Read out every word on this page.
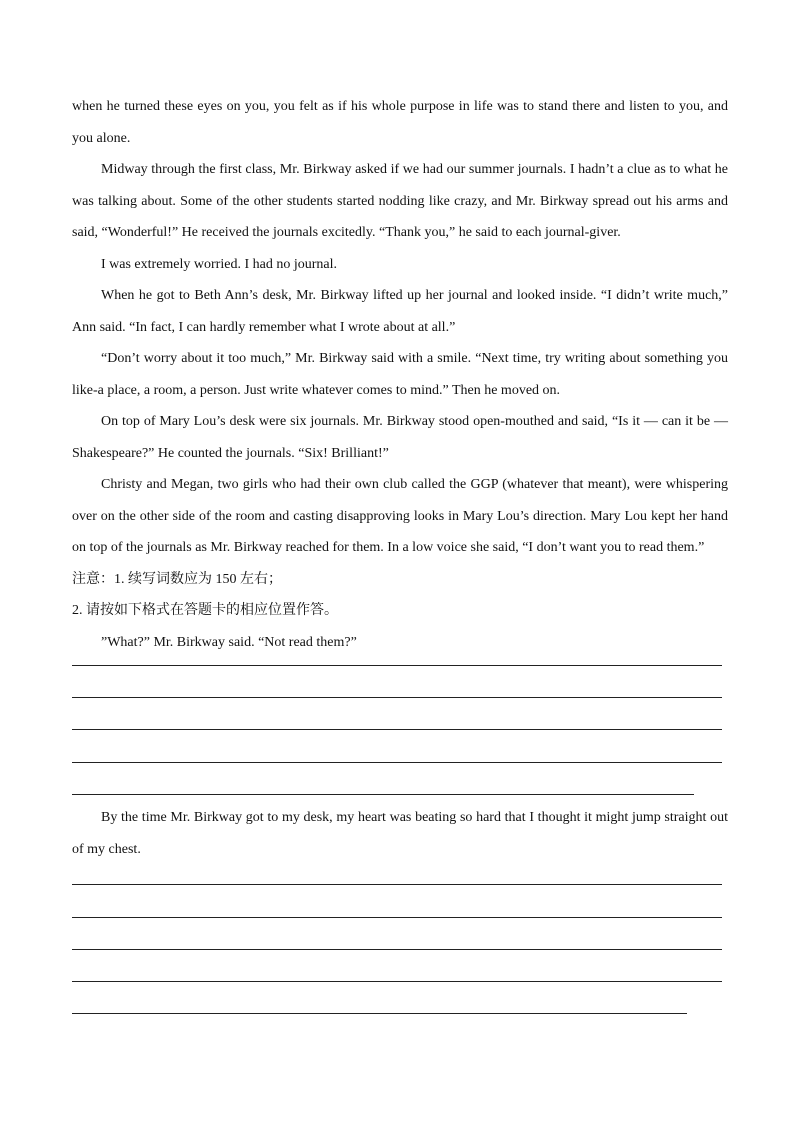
when he turned these eyes on you, you felt as if his whole purpose in life was to stand there and listen to you, and you alone.

Midway through the first class, Mr. Birkway asked if we had our summer journals. I hadn’t a clue as to what he was talking about. Some of the other students started nodding like crazy, and Mr. Birkway spread out his arms and said, “Wonderful!” He received the journals excitedly. “Thank you,” he said to each journal-giver.

I was extremely worried. I had no journal.

When he got to Beth Ann’s desk, Mr. Birkway lifted up her journal and looked inside. “I didn’t write much,” Ann said. “In fact, I can hardly remember what I wrote about at all.”

“Don’t worry about it too much,” Mr. Birkway said with a smile. “Next time, try writing about something you like-a place, a room, a person. Just write whatever comes to mind.” Then he moved on.

On top of Mary Lou’s desk were six journals. Mr. Birkway stood open-mouthed and said, “Is it — can it be — Shakespeare?” He counted the journals. “Six! Brilliant!”

Christy and Megan, two girls who had their own club called the GGP (whatever that meant), were whispering over on the other side of the room and casting disapproving looks in Mary Lou’s direction. Mary Lou kept her hand on top of the journals as Mr. Birkway reached for them. In a low voice she said, “I don’t want you to read them.”

注意：1. 续写词数应为 150 左右；

2. 请按如下格式在答题卡的相应位置作答。

”What?” Mr. Birkway said. “Not read them?”

By the time Mr. Birkway got to my desk, my heart was beating so hard that I thought it might jump straight out of my chest.
